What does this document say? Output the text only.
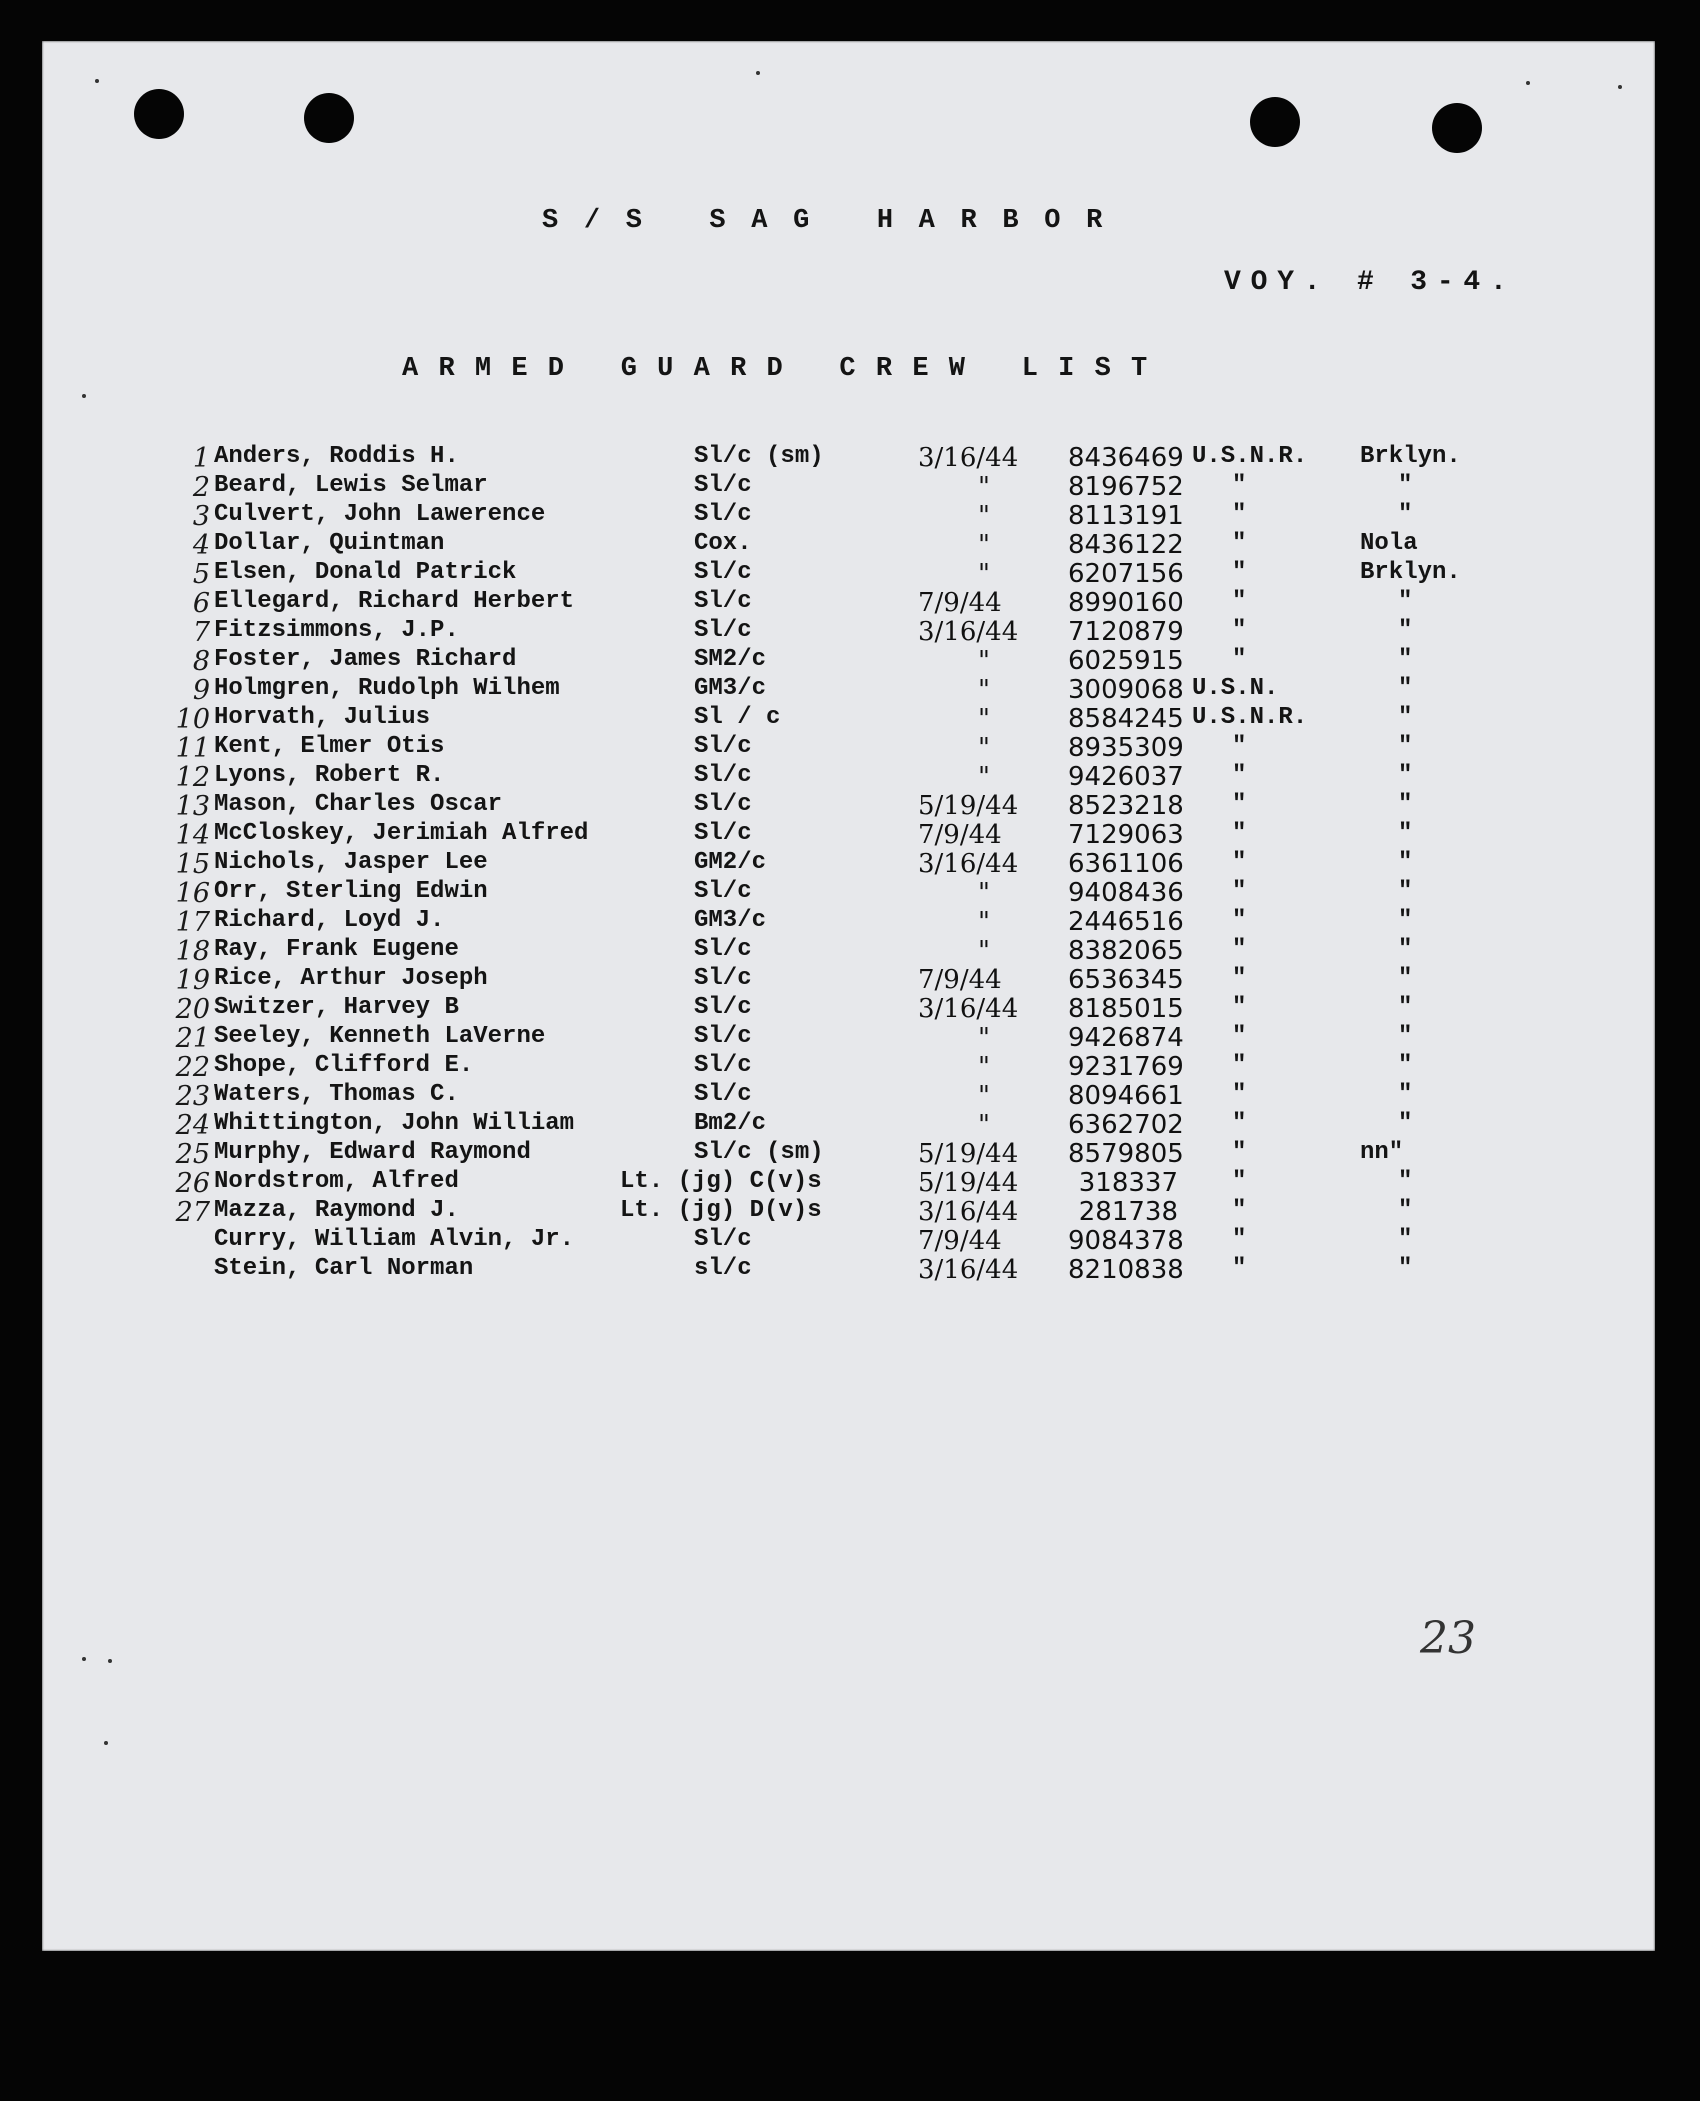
S/S SAG HARBOR
VOY. # 3-4.
ARMED GUARD CREW LIST
1 Anders, Roddis H.	Sl/c (sm)	3/16/44	8436469 U.S.N.R.	Brklyn.
2 Beard, Lewis Selmar	Sl/c	"	8196752	"	"
3 Culvert, John Lawerence	Sl/c	"	8113191	"	"
4 Dollar, Quintman	Cox.	"	8436122	"	Nola
5 Elsen, Donald Patrick	Sl/c	"	6207156	"	Brklyn.
6 Ellegard, Richard Herbert	Sl/c	7/9/44	8990160	"	"
7 Fitzsimmons, J.P.	Sl/c	3/16/44	7120879	"	"
8 Foster, James Richard	SM2/c	"	6025915	"	"
9 Holmgren, Rudolph Wilhem	GM3/c	"	3009068 U.S.N.	"
10 Horvath, Julius	Sl / c	"	8584245 U.S.N.R.	"
11 Kent, Elmer Otis	Sl/c	"	8935309	"	"
12 Lyons, Robert R.	Sl/c	"	9426037	"	"
13 Mason, Charles Oscar	Sl/c	5/19/44	8523218	"	"
14 McCloskey, Jerimiah Alfred	Sl/c	7/9/44	7129063	"	"
15 Nichols, Jasper Lee	GM2/c	3/16/44	6361106	"	"
16 Orr, Sterling Edwin	Sl/c	"	9408436	"	"
17 Richard, Loyd J.	GM3/c	"	2446516	"	"
18 Ray, Frank Eugene	Sl/c	"	8382065	"	"
19 Rice, Arthur Joseph	Sl/c	7/9/44	6536345	"	"
20 Switzer, Harvey B	Sl/c	3/16/44	8185015	"	"
21 Seeley, Kenneth LaVerne	Sl/c	"	9426874	"	"
22 Shope, Clifford E.	Sl/c	"	9231769	"	"
23 Waters, Thomas C.	Sl/c	"	8094661	"	"
24 Whittington, John William	Bm2/c	"	6362702	"	"
25 Murphy, Edward Raymond	Sl/c (sm)	5/19/44	8579805	"	nn"
26 Nordstrom, Alfred	Lt. (jg) C(v)s	5/19/44	318337	"	"
27 Mazza, Raymond J.	Lt. (jg) D(v)s	3/16/44	281738	"	"
Curry, William Alvin, Jr.	Sl/c	7/9/44	9084378	"	"
Stein, Carl Norman	sl/c	3/16/44	8210838	"	"
23
